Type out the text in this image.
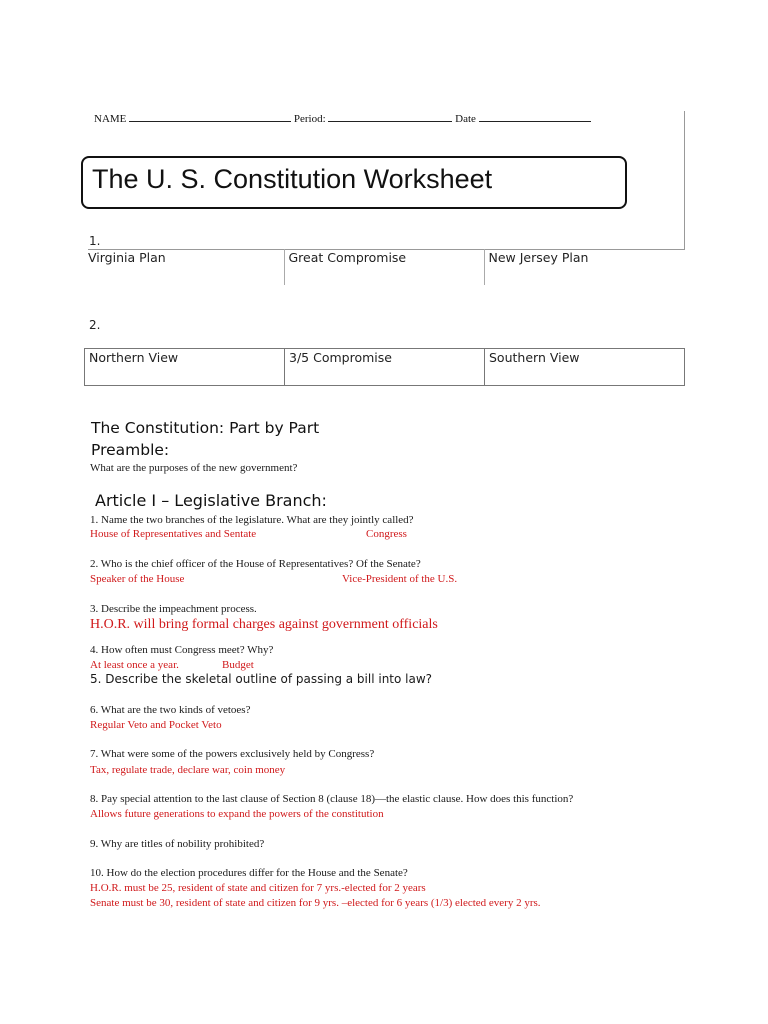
NAME	Period:	Date
The U. S. Constitution Worksheet
1.
Virginia Plan	Great Compromise	New Jersey Plan
2.
Northern View	3/5 Compromise	Southern View
The Constitution: Part by Part
Preamble:
What are the purposes of the new government?
Article I – Legislative Branch:
1. Name the two branches of the legislature. What are they jointly called?
House of Representatives and Sentate	Congress
2. Who is the chief officer of the House of Representatives? Of the Senate?
Speaker of the House	Vice-President of the U.S.
3. Describe the impeachment process.
H.O.R. will bring formal charges against government officials
4. How often must Congress meet? Why?
At least once a year.	Budget
5. Describe the skeletal outline of passing a bill into law?
6. What are the two kinds of vetoes?
Regular Veto and Pocket Veto
7. What were some of the powers exclusively held by Congress?
Tax, regulate trade, declare war, coin money
8. Pay special attention to the last clause of Section 8 (clause 18)—the elastic clause. How does this function?
Allows future generations to expand the powers of the constitution
9. Why are titles of nobility prohibited?
10. How do the election procedures differ for the House and the Senate?
H.O.R. must be 25, resident of state and citizen for 7 yrs.-elected for 2 years
Senate must be 30, resident of state and citizen for 9 yrs. –elected for 6 years (1/3) elected every 2 yrs.
